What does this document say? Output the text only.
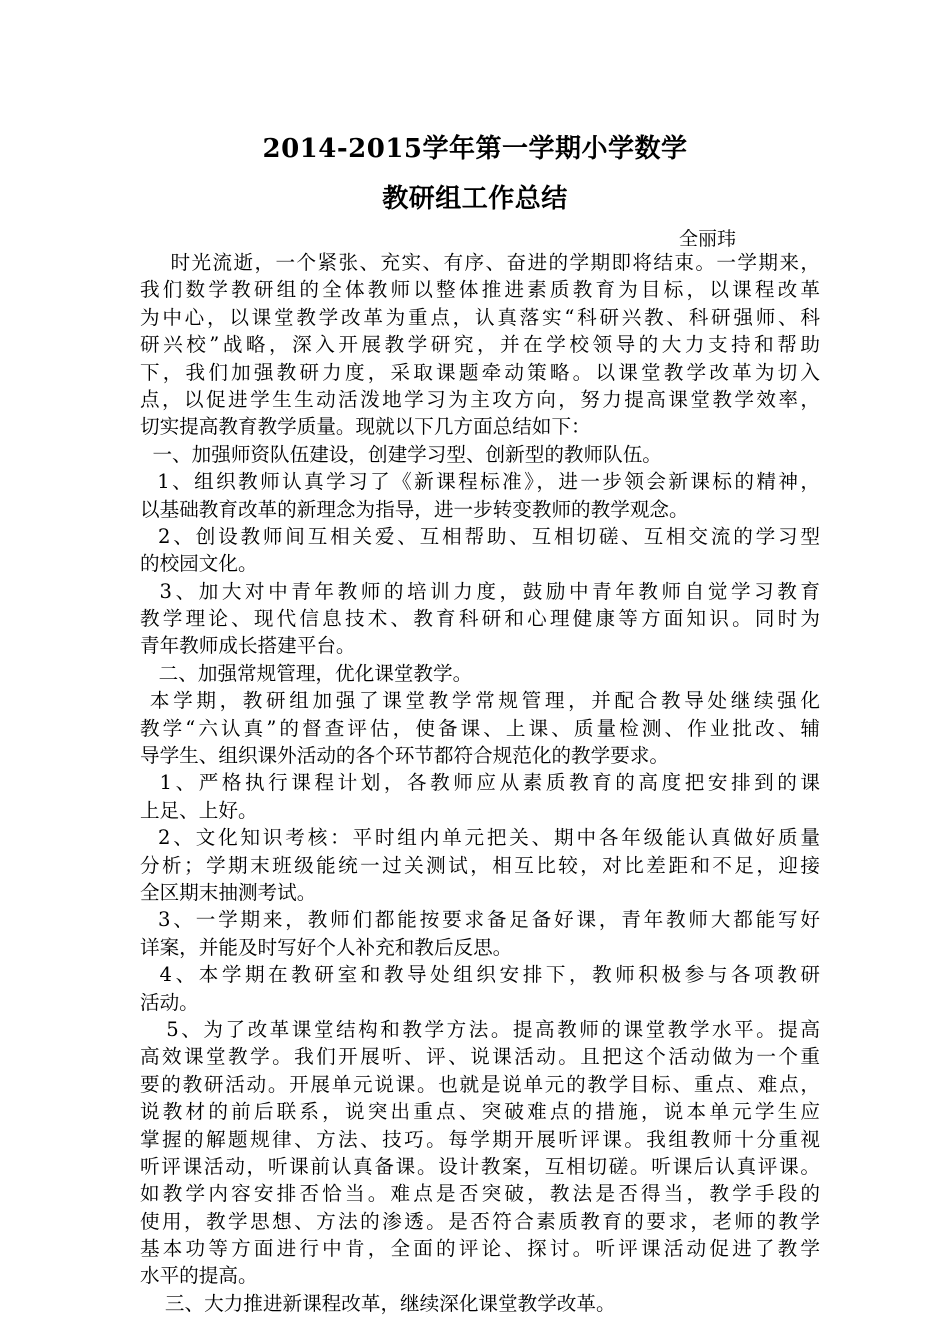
2014-2015学年第一学期小学数学
教研组工作总结
全丽玮
时光流逝，一个紧张、充实、有序、奋进的学期即将结束。一学期来，
我们数学教研组的全体教师以整体推进素质教育为目标，以课程改革
为中心，以课堂教学改革为重点，认真落实“科研兴教、科研强师、科
研兴校”战略，深入开展教学研究，并在学校领导的大力支持和帮助
下，我们加强教研力度，采取课题牵动策略。以课堂教学改革为切入
点，以促进学生生动活泼地学习为主攻方向，努力提高课堂教学效率，
切实提高教育教学质量。现就以下几方面总结如下：
一、加强师资队伍建设，创建学习型、创新型的教师队伍。
1、组织教师认真学习了《新课程标准》，进一步领会新课标的精神，
以基础教育改革的新理念为指导，进一步转变教师的教学观念。
2、创设教师间互相关爱、互相帮助、互相切磋、互相交流的学习型
的校园文化。
3、加大对中青年教师的培训力度，鼓励中青年教师自觉学习教育
教学理论、现代信息技术、教育科研和心理健康等方面知识。同时为
青年教师成长搭建平台。
二、加强常规管理，优化课堂教学。
本学期，教研组加强了课堂教学常规管理，并配合教导处继续强化
教学“六认真”的督查评估，使备课、上课、质量检测、作业批改、辅
导学生、组织课外活动的各个环节都符合规范化的教学要求。
1、严格执行课程计划，各教师应从素质教育的高度把安排到的课
上足、上好。
2、文化知识考核：平时组内单元把关、期中各年级能认真做好质量
分析；学期末班级能统一过关测试，相互比较，对比差距和不足，迎接
全区期末抽测考试。
3、一学期来，教师们都能按要求备足备好课，青年教师大都能写好
详案，并能及时写好个人补充和教后反思。
4、本学期在教研室和教导处组织安排下，教师积极参与各项教研
活动。
5、为了改革课堂结构和教学方法。提高教师的课堂教学水平。提高
高效课堂教学。我们开展听、评、说课活动。且把这个活动做为一个重
要的教研活动。开展单元说课。也就是说单元的教学目标、重点、难点，
说教材的前后联系，说突出重点、突破难点的措施，说本单元学生应
掌握的解题规律、方法、技巧。每学期开展听评课。我组教师十分重视
听评课活动，听课前认真备课。设计教案，互相切磋。听课后认真评课。
如教学内容安排否恰当。难点是否突破，教法是否得当，教学手段的
使用，教学思想、方法的渗透。是否符合素质教育的要求，老师的教学
基本功等方面进行中肯，全面的评论、探讨。听评课活动促进了教学
水平的提高。
三、大力推进新课程改革，继续深化课堂教学改革。
